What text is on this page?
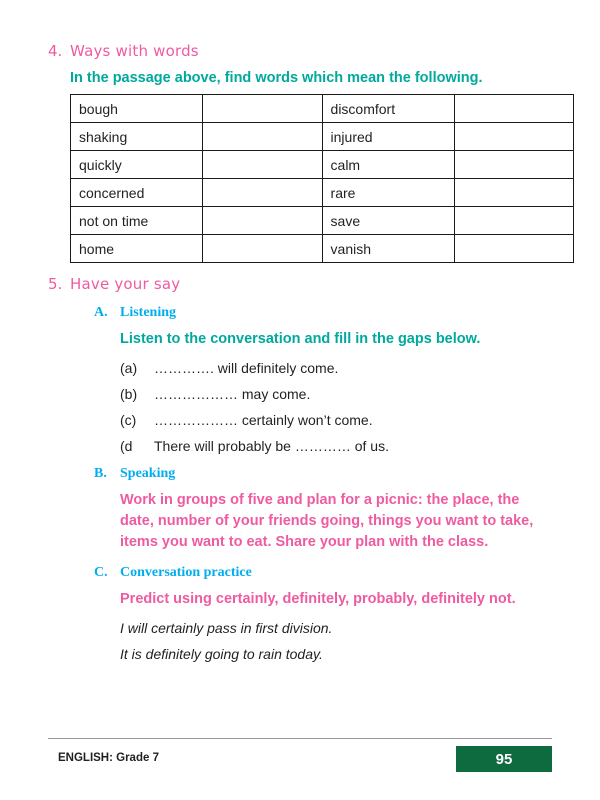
4. Ways with words
In the passage above, find words which mean the following.
bough		discomfort	
shaking		injured	
quickly		calm	
concerned		rare	
not on time		save	
home		vanish	
5. Have your say
A. Listening
Listen to the conversation and fill in the gaps below.
(a)	…………. will definitely come.
(b)	……………… may come.
(c)	……………… certainly won’t come.
(d	There will probably be ………… of us.
B. Speaking
Work in groups of five and plan for a picnic: the place, the date, number of your friends going, things you want to take, items you want to eat. Share your plan with the class.
C. Conversation practice
Predict using certainly, definitely, probably, definitely not.
I will certainly pass in first division.
It is definitely going to rain today.
ENGLISH: Grade 7	95
